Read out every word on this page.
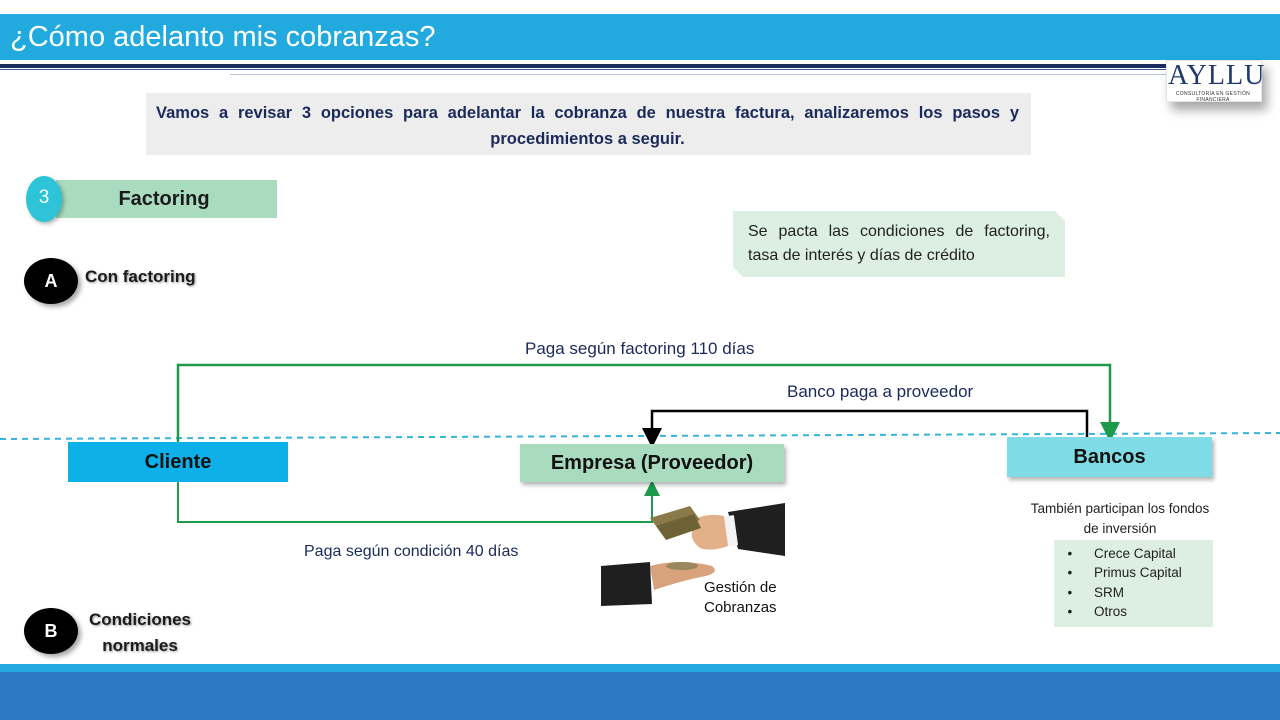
¿Cómo adelanto mis cobranzas?
AYLLU
CONSULTORÍA EN GESTIÓN FINANCIERA
Vamos a revisar 3 opciones para adelantar la cobranza de nuestra factura, analizaremos los pasos y procedimientos a seguir.
Factoring
3
A	Con factoring
Se pacta las condiciones de factoring, tasa de interés y días de crédito
Paga según factoring 110 días
Banco paga a proveedor
Paga según condición 40 días
Cliente	Empresa (Proveedor)	Bancos
Gestión de
Cobranzas
También participan los fondos de inversión
• Crece Capital
• Primus Capital
• SRM
• Otros
B
Condiciones
normales
